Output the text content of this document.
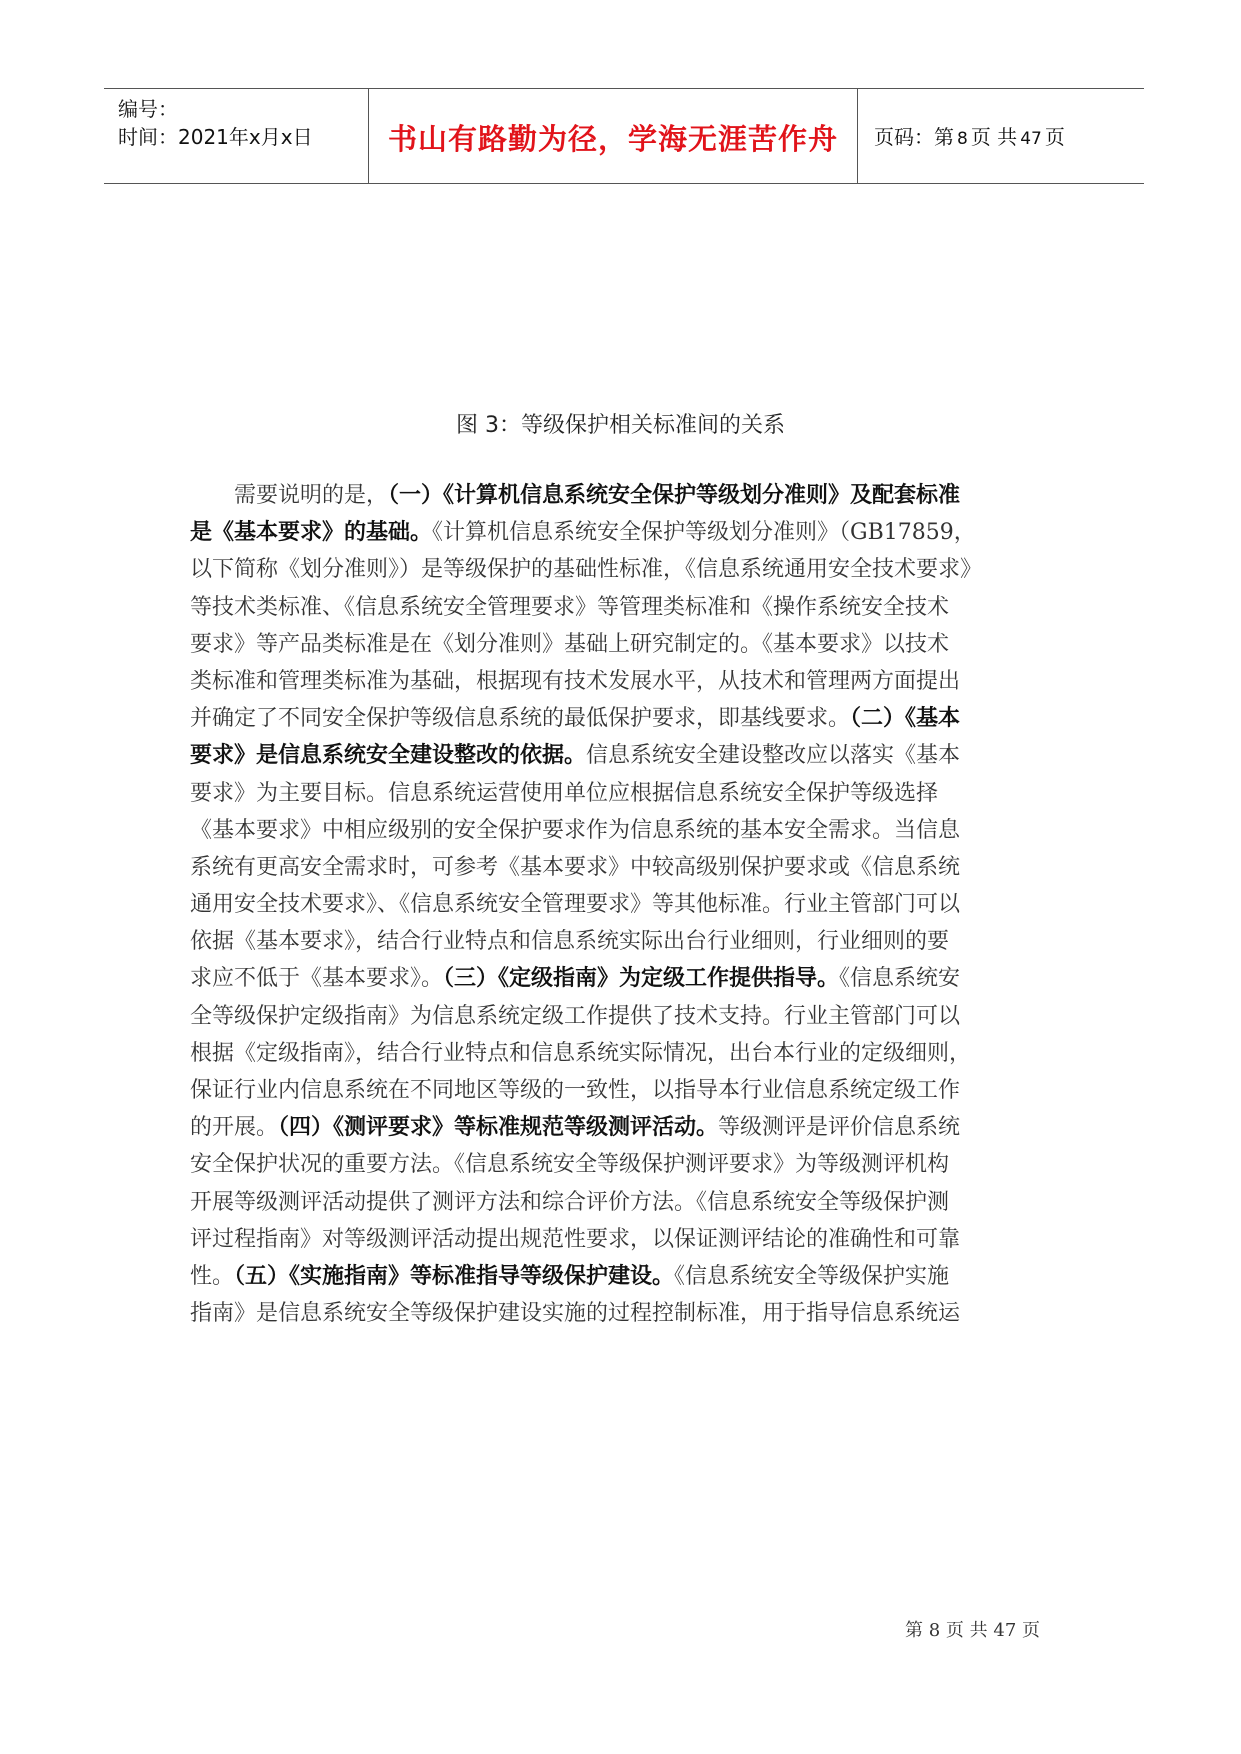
编号：
时间：2021年x月x日	书山有路勤为径，学海无涯苦作舟	页码：第 8 页 共 47 页
图 3：等级保护相关标准间的关系
　　需要说明的是，（一）《计算机信息系统安全保护等级划分准则》及配套标准
是《基本要求》的基础。《计算机信息系统安全保护等级划分准则》（GB17859，
以下简称《划分准则》）是等级保护的基础性标准，《信息系统通用安全技术要求》
等技术类标准、《信息系统安全管理要求》等管理类标准和《操作系统安全技术
要求》等产品类标准是在《划分准则》基础上研究制定的。《基本要求》以技术
类标准和管理类标准为基础，根据现有技术发展水平，从技术和管理两方面提出
并确定了不同安全保护等级信息系统的最低保护要求，即基线要求。（二）《基本
要求》是信息系统安全建设整改的依据。信息系统安全建设整改应以落实《基本
要求》为主要目标。信息系统运营使用单位应根据信息系统安全保护等级选择
《基本要求》中相应级别的安全保护要求作为信息系统的基本安全需求。当信息
系统有更高安全需求时，可参考《基本要求》中较高级别保护要求或《信息系统
通用安全技术要求》、《信息系统安全管理要求》等其他标准。行业主管部门可以
依据《基本要求》，结合行业特点和信息系统实际出台行业细则，行业细则的要
求应不低于《基本要求》。（三）《定级指南》为定级工作提供指导。《信息系统安
全等级保护定级指南》为信息系统定级工作提供了技术支持。行业主管部门可以
根据《定级指南》，结合行业特点和信息系统实际情况，出台本行业的定级细则，
保证行业内信息系统在不同地区等级的一致性，以指导本行业信息系统定级工作
的开展。（四）《测评要求》等标准规范等级测评活动。等级测评是评价信息系统
安全保护状况的重要方法。《信息系统安全等级保护测评要求》为等级测评机构
开展等级测评活动提供了测评方法和综合评价方法。《信息系统安全等级保护测
评过程指南》对等级测评活动提出规范性要求，以保证测评结论的准确性和可靠
性。（五）《实施指南》等标准指导等级保护建设。《信息系统安全等级保护实施
指南》是信息系统安全等级保护建设实施的过程控制标准，用于指导信息系统运
第 8 页 共 47 页
